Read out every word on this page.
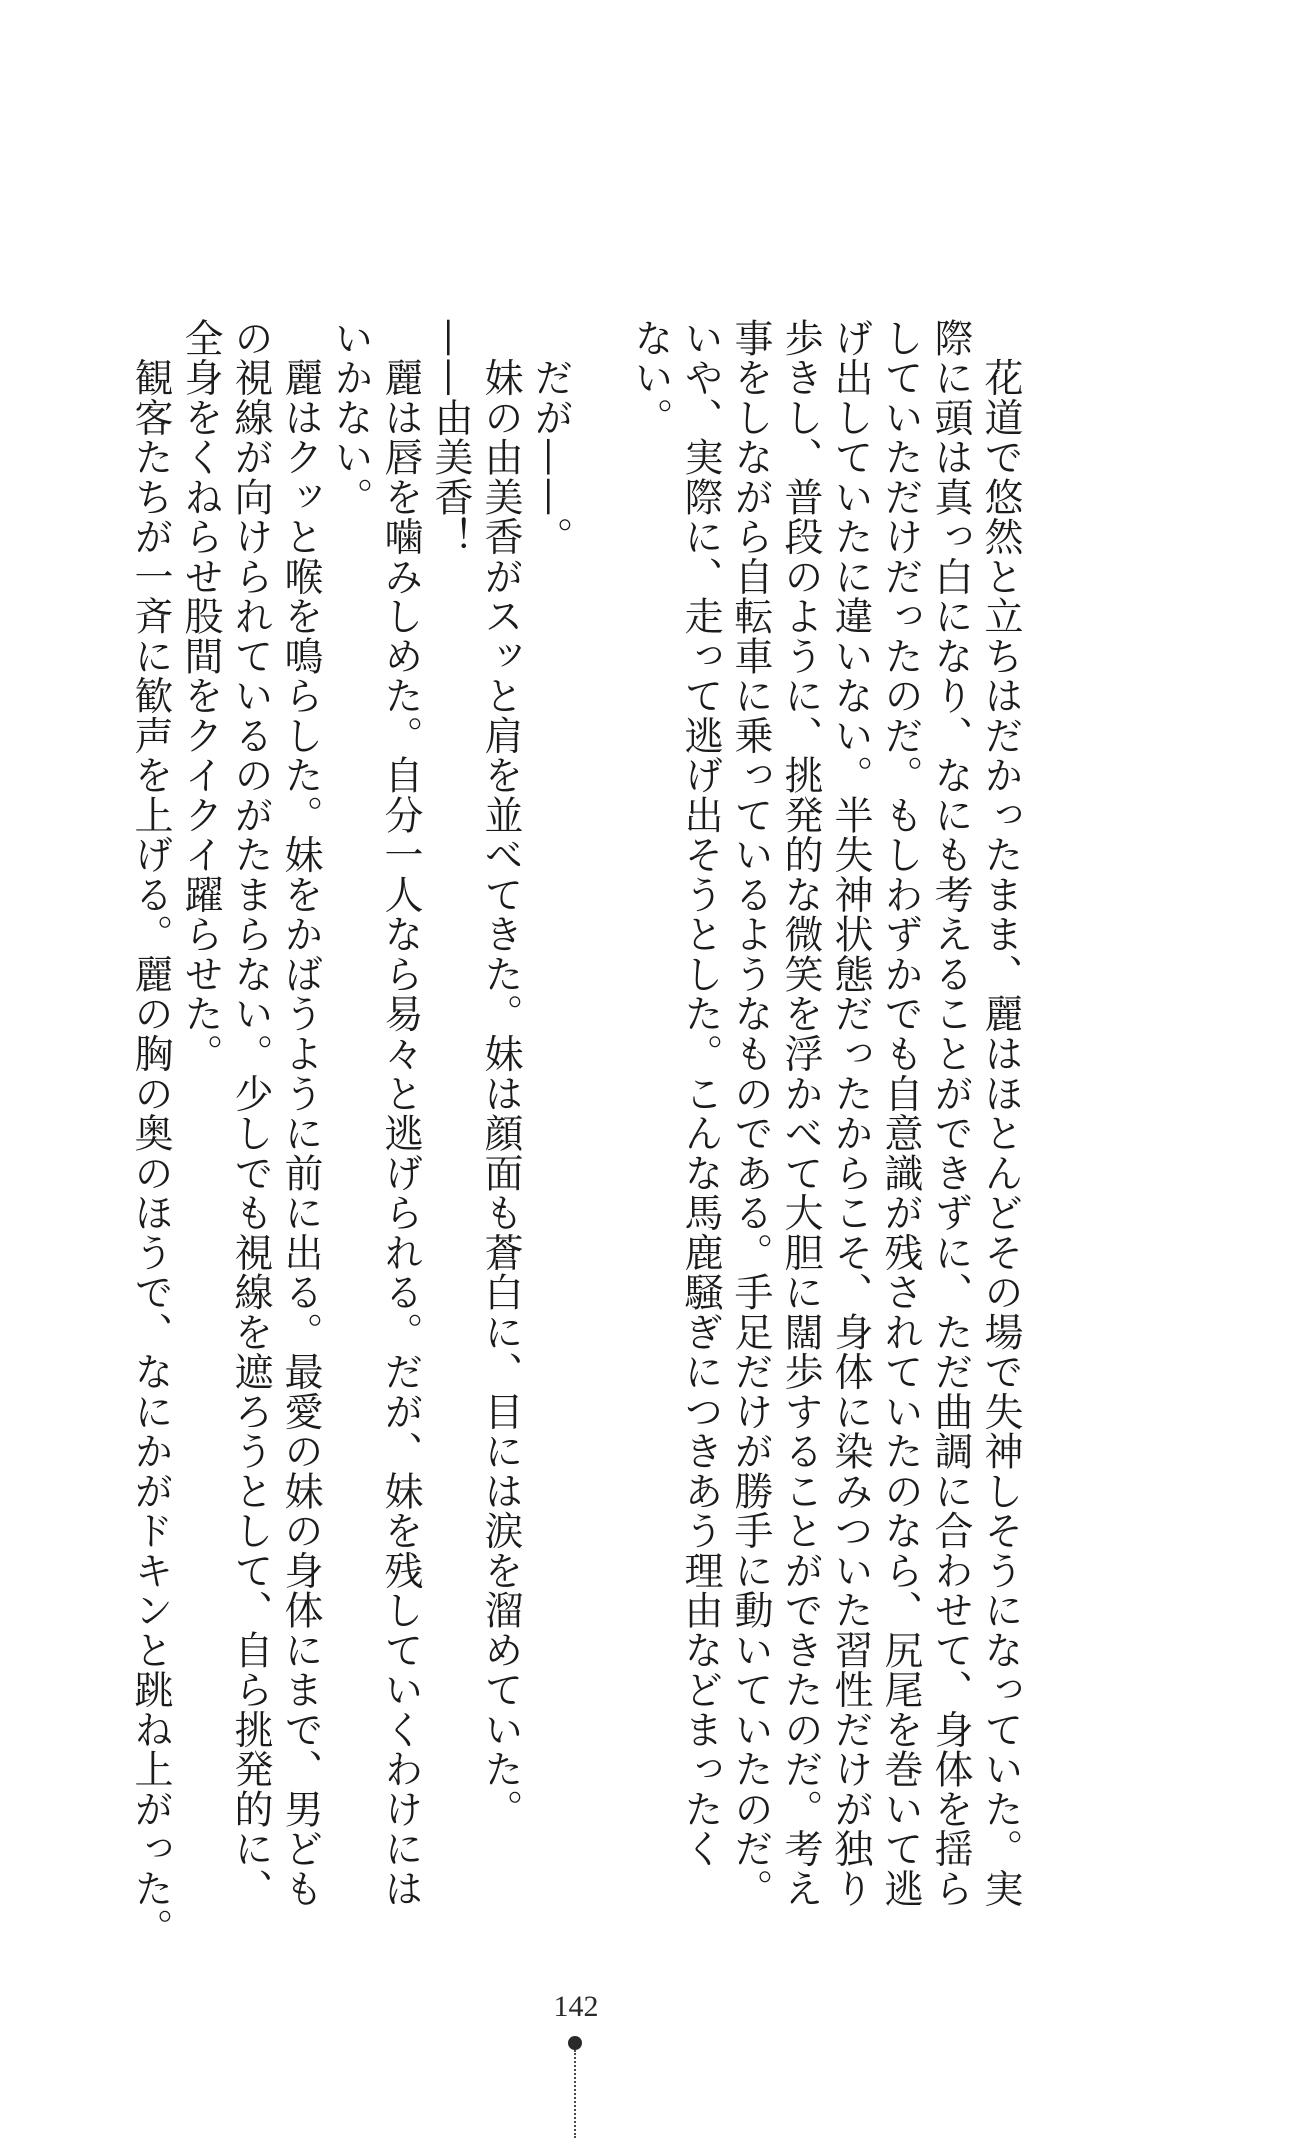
　花道で悠然と立ちはだかったまま、麗はほとんどその場で失神しそうになっていた。実
際に頭は真っ白になり、なにも考えることができずに、ただ曲調に合わせて、身体を揺ら
していただけだったのだ。もしわずかでも自意識が残されていたのなら、尻尾を巻いて逃
げ出していたに違いない。半失神状態だったからこそ、身体に染みついた習性だけが独り
歩きし、普段のように、挑発的な微笑を浮かべて大胆に闊歩することができたのだ。考え
事をしながら自転車に乗っているようなものである。手足だけが勝手に動いていたのだ。
いや、実際に、走って逃げ出そうとした。こんな馬鹿騒ぎにつきあう理由などまったく
ない。
　だが——。
　妹の由美香がスッと肩を並べてきた。妹は顔面も蒼白に、目には涙を溜めていた。
——由美香！
　麗は唇を噛みしめた。自分一人なら易々と逃げられる。だが、妹を残していくわけには
いかない。
　麗はクッと喉を鳴らした。妹をかばうように前に出る。最愛の妹の身体にまで、男ども
の視線が向けられているのがたまらない。少しでも視線を遮ろうとして、自ら挑発的に、
全身をくねらせ股間をクイクイ躍らせた。
　観客たちが一斉に歓声を上げる。麗の胸の奥のほうで、なにかがドキンと跳ね上がった。
142
